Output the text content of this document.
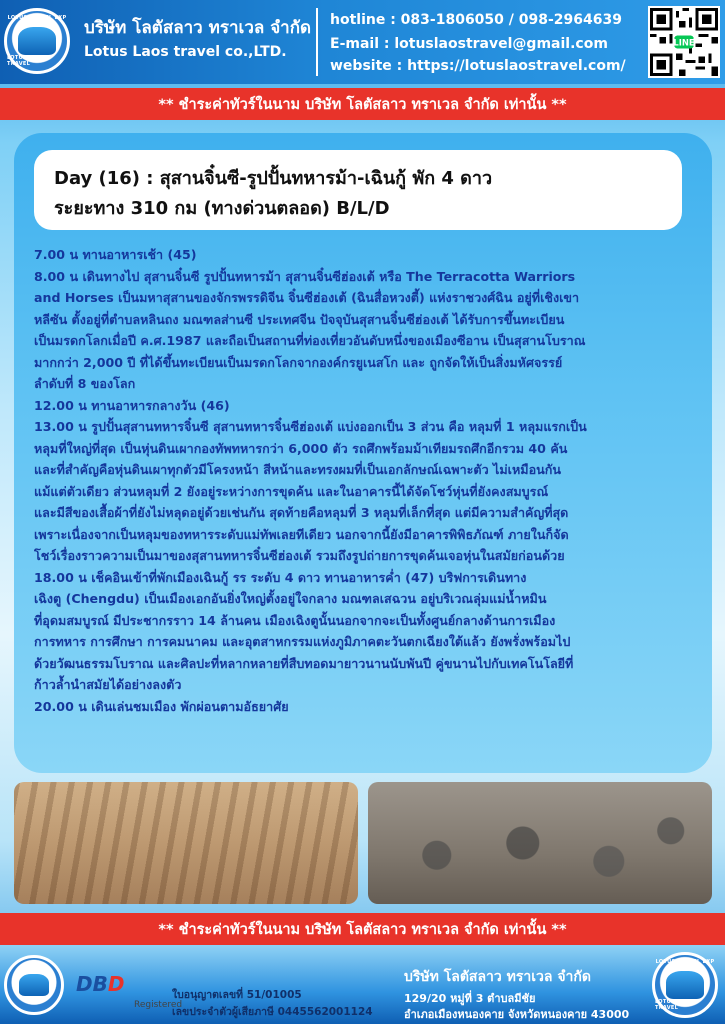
LOTUS TRAVEL EXP
LOTUS LAOS TRAVEL
บริษัท โลตัสลาว ทราเวล จำกัด
Lotus Laos travel co.,LTD.
hotline : 083-1806050 / 098-2964639
E-mail : lotuslaostravel@gmail.com
website : https://lotuslaostravel.com/
LINE
** ชำระค่าทัวร์ในนาม บริษัท โลตัสลาว ทราเวล จำกัด เท่านั้น **
Day (16) : สุสานจิ๋นซี-รูปปั้นทหารม้า-เฉินกู้ พัก 4 ดาว
ระยะทาง 310 กม (ทางด่วนตลอด) B/L/D

7.00 น ทานอาหารเช้า (45)

8.00 น เดินทางไป สุสานจิ๋นซี รูปปั้นทหารม้า สุสานจิ๋นซีฮ่องเต้ หรือ The Terracotta Warriors

and Horses เป็นมหาสุสานของจักรพรรดิจีน จิ๋นซีฮ่องเต้ (ฉินสื่อหวงตี้) แห่งราชวงศ์ฉิน อยู่ที่เชิงเขา

หลีซัน ตั้งอยู่ที่ตำบลหลินถง มณฑลส่านซี ประเทศจีน ปัจจุบันสุสานจิ๋นซีฮ่องเต้ ได้รับการขึ้นทะเบียน

เป็นมรดกโลกเมื่อปี ค.ศ.1987 และถือเป็นสถานที่ท่องเที่ยวอันดับหนึ่งของเมืองซีอาน เป็นสุสานโบราณ

มากกว่า 2,000 ปี ที่ได้ขึ้นทะเบียนเป็นมรดกโลกจากองค์กรยูเนสโก และ ถูกจัดให้เป็นสิ่งมหัศจรรย์

ลำดับที่ 8 ของโลก

12.00 น ทานอาหารกลางวัน (46)

13.00 น รูปปั้นสุสานทหารจิ๋นซี สุสานทหารจิ๋นซีฮ่องเต้ แบ่งออกเป็น 3 ส่วน คือ หลุมที่ 1 หลุมแรกเป็น

หลุมที่ใหญ่ที่สุด เป็นหุ่นดินเผากองทัพทหารกว่า 6,000 ตัว รถศึกพร้อมม้าเทียมรถศึกอีกรวม 40 คัน

และที่สำคัญคือหุ่นดินเผาทุกตัวมีโครงหน้า สีหน้าและทรงผมที่เป็นเอกลักษณ์เฉพาะตัว ไม่เหมือนกัน

แม้แต่ตัวเดียว ส่วนหลุมที่ 2 ยังอยู่ระหว่างการขุดค้น และในอาคารนี้ได้จัดโชว์หุ่นที่ยังคงสมบูรณ์

และมีสีของเสื้อผ้าที่ยังไม่หลุดอยู่ด้วยเช่นกัน สุดท้ายคือหลุมที่ 3 หลุมที่เล็กที่สุด แต่มีความสำคัญที่สุด

เพราะเนื่องจากเป็นหลุมของทหารระดับแม่ทัพเลยทีเดียว นอกจากนี้ยังมีอาคารพิพิธภัณฑ์ ภายในก็จัด

โชว์เรื่องราวความเป็นมาของสุสานทหารจิ๋นซีฮ่องเต้ รวมถึงรูปถ่ายการขุดค้นเจอหุ่นในสมัยก่อนด้วย

18.00 น เช็คอินเข้าที่พักเมืองเฉินกู้ รร ระดับ 4 ดาว ทานอาหารค่ำ (47) บริฟการเดินทาง

เฉิงตู (Chengdu) เป็นเมืองเอกอันยิ่งใหญ่ตั้งอยู่ใจกลาง มณฑลเสฉวน อยู่บริเวณลุ่มแม่น้ำหมิน

ที่อุดมสมบูรณ์ มีประชากรราว 14 ล้านคน เมืองเฉิงตูนั้นนอกจากจะเป็นทั้งศูนย์กลางด้านการเมือง

การทหาร การศึกษา การคมนาคม และอุตสาหกรรมแห่งภูมิภาคตะวันตกเฉียงใต้แล้ว ยังพรั่งพร้อมไป

ด้วยวัฒนธรรมโบราณ และศิลปะที่หลากหลายที่สืบทอดมายาวนานนับพันปี คู่ขนานไปกับเทคโนโลยีที่

ก้าวล้ำนำสมัยได้อย่างลงตัว

20.00 น เดินเล่นชมเมือง พักผ่อนตามอัธยาศัย

** ชำระค่าทัวร์ในนาม บริษัท โลตัสลาว ทราเวล จำกัด เท่านั้น **
DBD
Registered
ใบอนุญาตเลขที่ 51/01005
เลขประจำตัวผู้เสียภาษี 0445562001124
บริษัท โลตัสลาว ทราเวล จำกัด
129/20 หมู่ที่ 3 ตำบลมีชัย
อำเภอเมืองหนองคาย จังหวัดหนองคาย 43000
LOTUS TRAVEL EXP
LOTUS LAOS TRAVEL
